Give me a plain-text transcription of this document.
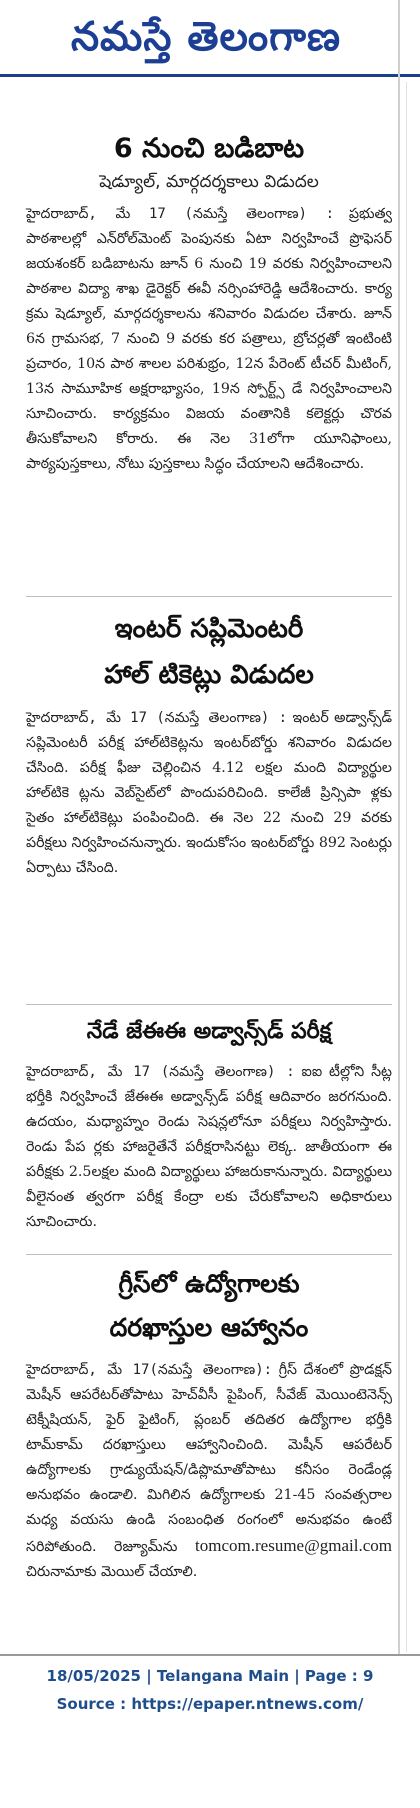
నమస్తే తెలంగాణ
6 నుంచి బడిబాట
షెడ్యూల్, మార్గదర్శకాలు విడుదల
హైదరాబాద్, మే 17 (నమస్తే తెలంగాణ) : ప్రభుత్వ పాఠశాలల్లో ఎన్‌రోల్‌మెంట్ పెంపునకు ఏటా నిర్వహించే ప్రొఫెసర్ జయశంకర్ బడిబాటను జూన్ 6 నుంచి 19 వరకు నిర్వహించాలని పాఠశాల విద్యా శాఖ డైరెక్టర్ ఈవీ నర్సింహారెడ్డి ఆదేశించారు. కార్య క్రమ షెడ్యూల్, మార్గదర్శకాలను శనివారం విడుదల చేశారు. జూన్ 6న గ్రామసభ, 7 నుంచి 9 వరకు కర పత్రాలు, బ్రోచర్లతో ఇంటింటి ప్రచారం, 10న పాఠ శాలల పరిశుభ్రం, 12న పేరెంట్ టీచర్ మీటింగ్, 13న సామూహిక అక్షరాభ్యాసం, 19న స్పోర్ట్స్ డే నిర్వహించాలని సూచించారు. కార్యక్రమం విజయ వంతానికి కలెక్టర్లు చొరవ తీసుకోవాలని కోరారు. ఈ నెల 31లోగా యూనిఫాంలు, పాఠ్యపుస్తకాలు, నోటు పుస్తకాలు సిద్ధం చేయాలని ఆదేశించారు.
ఇంటర్ సప్లిమెంటరీ
హాల్ టికెట్లు విడుదల
హైదరాబాద్, మే 17 (నమస్తే తెలంగాణ) : ఇంటర్ అడ్వాన్స్‌డ్ సప్లిమెంటరీ పరీక్ష హాల్‌టికెట్లను ఇంటర్‌బోర్డు శనివారం విడుదల చేసింది. పరీక్ష ఫీజు చెల్లించిన 4.12 లక్షల మంది విద్యార్థుల హాల్‌టికె ట్లను వెబ్‌సైట్‌లో పొందుపరిచింది. కాలేజీ ప్రిన్సిపా ళ్లకు సైతం హాల్‌టికెట్లు పంపించింది. ఈ నెల 22 నుంచి 29 వరకు పరీక్షలు నిర్వహించనున్నారు. ఇందుకోసం ఇంటర్‌బోర్డు 892 సెంటర్లు ఏర్పాటు చేసింది.
నేడే జేఈఈ అడ్వాన్స్‌డ్ పరీక్ష
హైదరాబాద్, మే 17 (నమస్తే తెలంగాణ) : ఐఐ టీల్లోని సీట్ల భర్తీకి నిర్వహించే జేఈఈ అడ్వాన్స్‌డ్ పరీక్ష ఆదివారం జరగనుంది. ఉదయం, మధ్యాహ్నం రెండు సెషన్లలోనూ పరీక్షలు నిర్వహిస్తారు. రెండు పేప ర్లకు హాజరైతేనే పరీక్షరాసినట్టు లెక్క. జాతీయంగా ఈ పరీక్షకు 2.5లక్షల మంది విద్యార్థులు హాజరుకానున్నారు. విద్యార్థులు వీలైనంత త్వరగా పరీక్ష కేంద్రా లకు చేరుకోవాలని అధికారులు సూచించారు.
గ్రీస్‌లో ఉద్యోగాలకు
దరఖాస్తుల ఆహ్వానం
హైదరాబాద్, మే 17(నమస్తే తెలంగాణ): గ్రీస్ దేశంలో ప్రొడక్షన్ మెషీన్ ఆపరేటర్‌తోపాటు హెచ్‌వీసీ పైపింగ్, సీవేజ్ మెయింటెనెన్స్ టెక్నీషియన్, ఫైర్ ఫైటింగ్, ప్లంబర్ తదితర ఉద్యోగాల భర్తీకి టామ్‌కామ్ దరఖాస్తులు ఆహ్వానించింది. మెషీన్ ఆపరేటర్ ఉద్యోగాలకు గ్రాడ్యుయేషన్/డిప్లొమాతోపాటు కనీసం రెండేండ్ల అనుభవం ఉండాలి. మిగిలిన ఉద్యోగాలకు 21-45 సంవత్సరాల మధ్య వయసు ఉండి సంబంధిత రంగంలో అనుభవం ఉంటే సరిపోతుంది. రెజ్యూమ్‌ను tomcom.resume@gmail.com చిరునామాకు మెయిల్ చేయాలి.
18/05/2025 | Telangana Main | Page : 9
Source : https://epaper.ntnews.com/
